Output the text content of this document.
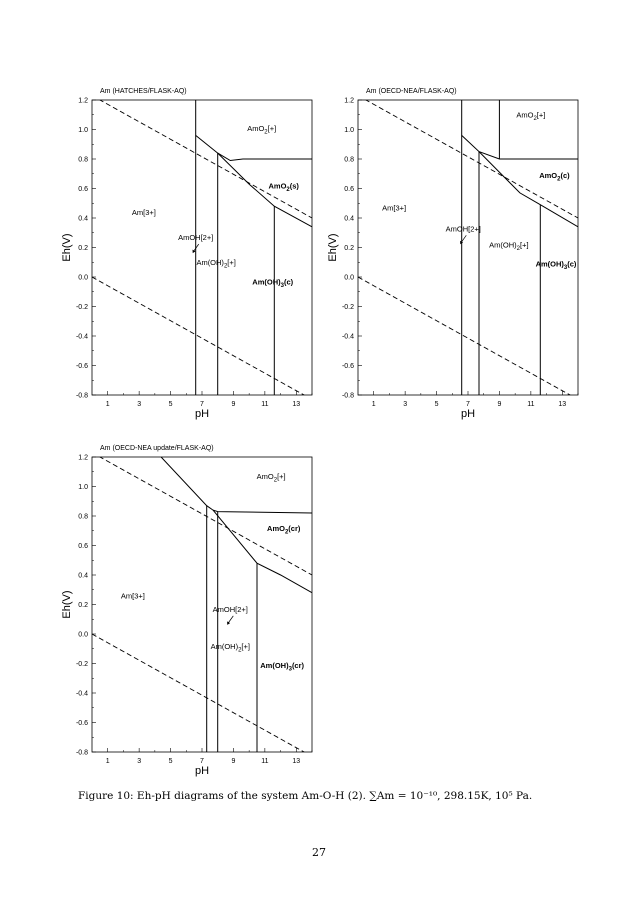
Am (HATCHES/FLASK-AQ)
-0.8
-0.6
-0.4
-0.2
0.0
0.2
0.4
0.6
0.8
1.0
1.2
1	3	5	7	9	11	13
pH
Eh(V)
AmO$_2$[+]
AmO$_2$(s)
Am[3+]
AmOH[2+]
$Am(OH)_2[+]$
$Am(OH)_3(c)$
Am (OECD-NEA/FLASK-AQ)
-0.8
-0.6
-0.4
-0.2
0.0
0.2
0.4
0.6
0.8
1.0
1.2
1	3	5	7	9	11	13
pH
Eh(V)
AmO$_2$[+]
AmO$_2$(c)
Am[3+]
AmOH[2+]
$Am(OH)_2[+]$
$Am(OH)_3(c)$
Am (OECD-NEA update/FLASK-AQ)
-0.8
-0.6
-0.4
-0.2
0.0
0.2
0.4
0.6
0.8
1.0
1.2
1	3	5	7	9	11	13
pH
Eh(V)
AmO$_2$[+]
AmO$_2$(cr)
Am[3+]
AmOH[2+]
$Am(OH)_2[+]$
$Am(OH)_3(cr)$
Figure 10: Eh-pH diagrams of the system Am-O-H (2). ∑Am = 10⁻¹⁰, 298.15K, 10⁵ Pa.
27
